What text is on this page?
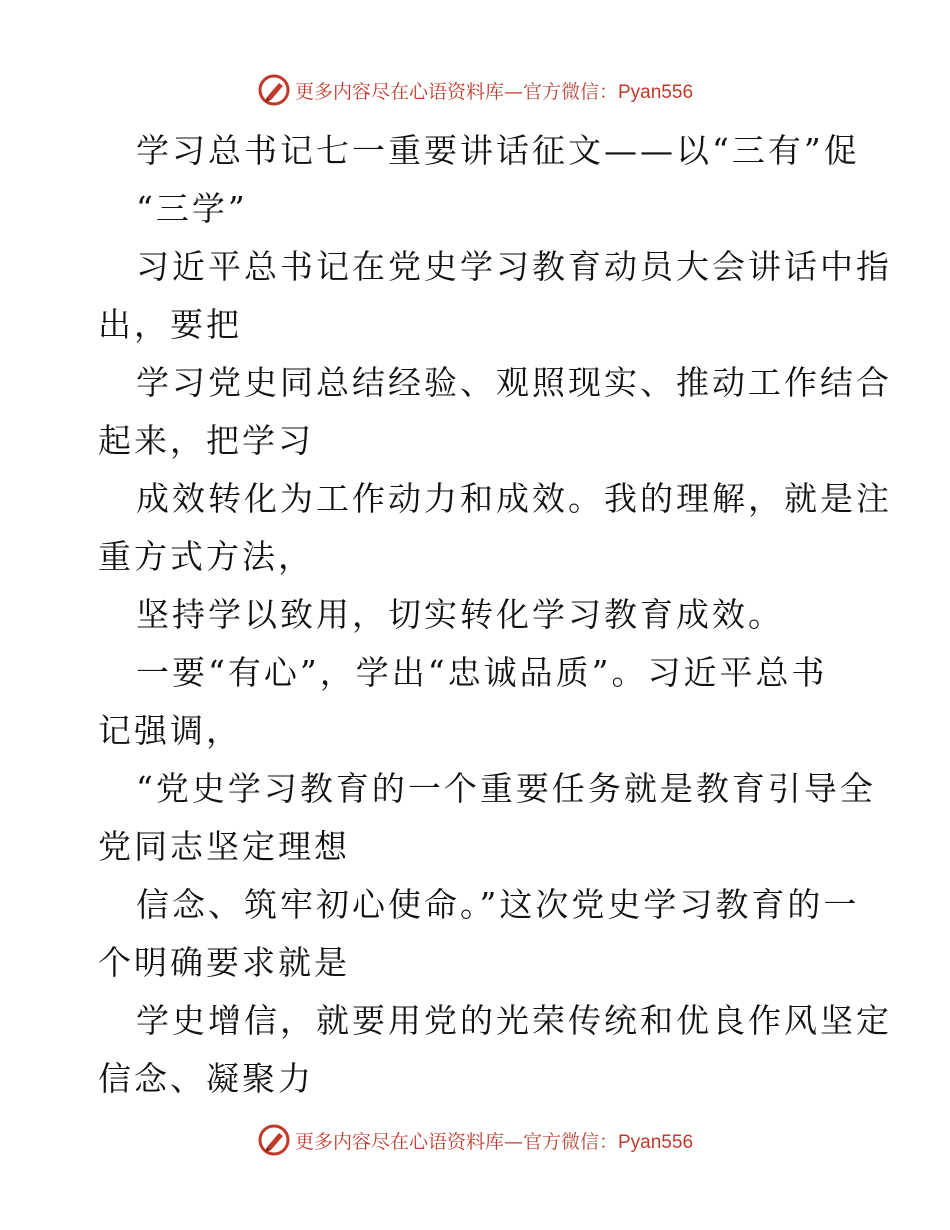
更多内容尽在心语资料库—官方微信：Pyan556
学习总书记七一重要讲话征文——以“三有”促
“三学”
习近平总书记在党史学习教育动员大会讲话中指
出，要把
学习党史同总结经验、观照现实、推动工作结合
起来，把学习
成效转化为工作动力和成效。我的理解，就是注
重方式方法，
坚持学以致用，切实转化学习教育成效。
一要“有心”，学出“忠诚品质”。习近平总书
记强调，
“党史学习教育的一个重要任务就是教育引导全
党同志坚定理想
信念、筑牢初心使命。”这次党史学习教育的一
个明确要求就是
学史增信，就要用党的光荣传统和优良作风坚定
信念、凝聚力
更多内容尽在心语资料库—官方微信：Pyan556
